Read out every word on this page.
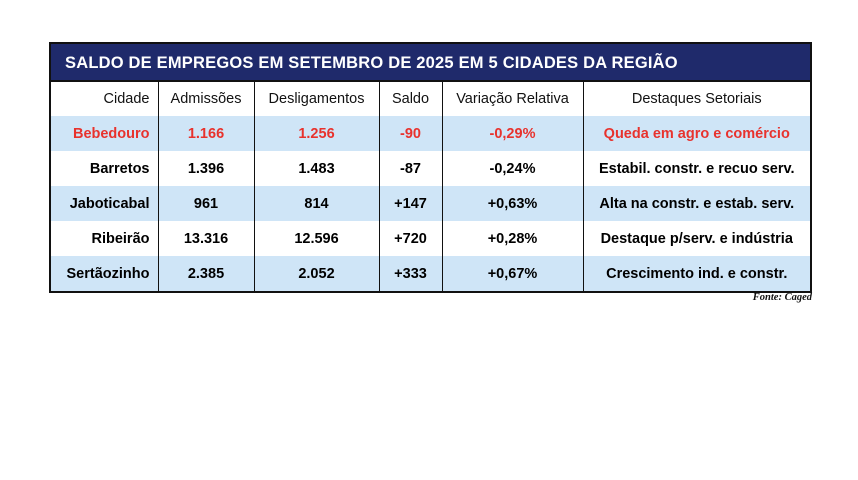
SALDO DE EMPREGOS EM SETEMBRO DE 2025 EM 5 CIDADES DA REGIÃO
Cidade	Admissões	Desligamentos	Saldo	Variação Relativa	Destaques Setoriais
Bebedouro	1.166	1.256	-90	-0,29%	Queda em agro e comércio
Barretos	1.396	1.483	-87	-0,24%	Estabil. constr. e recuo serv.
Jaboticabal	961	814	+147	+0,63%	Alta na constr. e estab. serv.
Ribeirão	13.316	12.596	+720	+0,28%	Destaque p/serv. e indústria
Sertãozinho	2.385	2.052	+333	+0,67%	Crescimento ind. e constr.
Fonte: Caged
